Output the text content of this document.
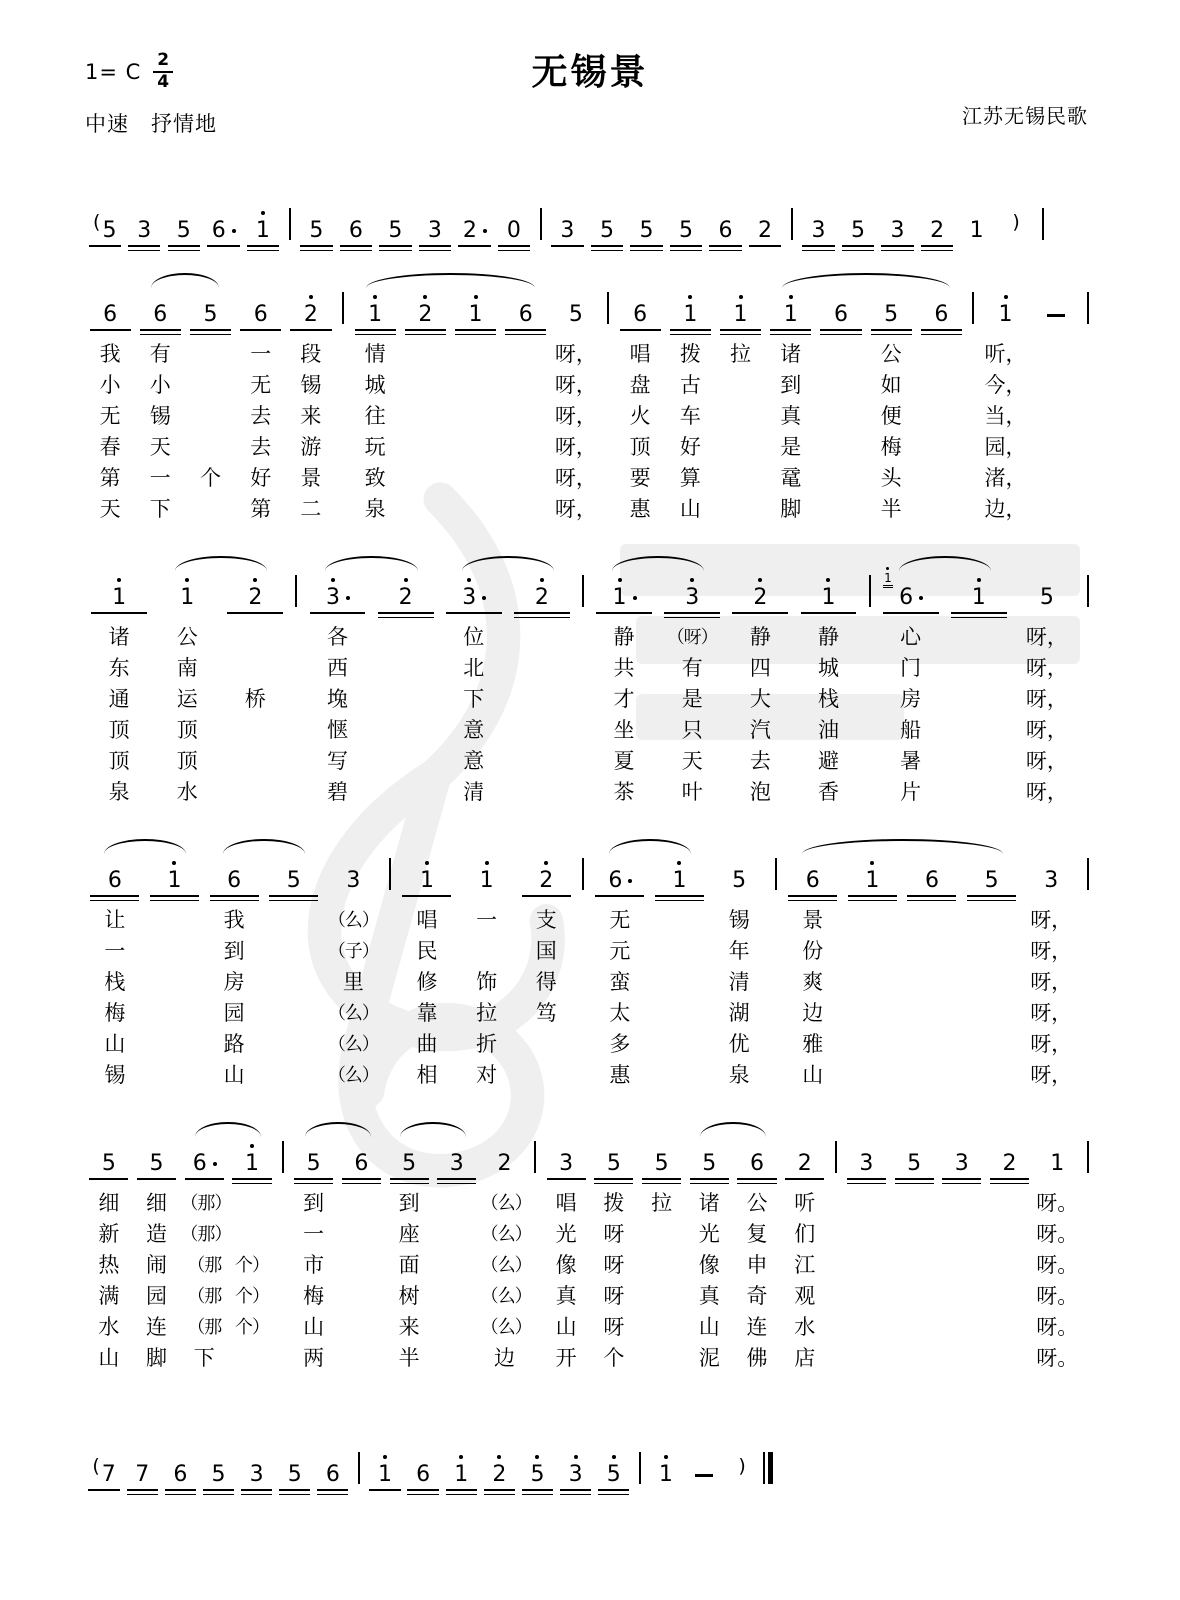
1= C $\frac{2}{4}$
中速 抒情地
无锡景
江苏无锡民歌
( 5 3 5 6 1 5 6 5 3 2 0 3 5 5 5 6 2 3 5 3 2 1 )
6
我
小
无
春
第
天
6
有
小
锡
天
一
下
5
个
6
一
无
去
去
好
第
2
段
锡
来
游
景
二
1
情
城
往
玩
致
泉
2 1 6 5
呀，
呀，
呀，
呀，
呀，
呀，
6
唱
盘
火
顶
要
惠
1
拨
古
车
好
算
山
1
拉
1
诸
到
真
是
鼋
脚
6 5
公
如
便
梅
头
半
6 1
听，
今，
当，
园，
渚，
边，
1
诸
东
通
顶
顶
泉
1
公
南
运
顶
顶
水
2
桥
3
各
西
堍
惬
写
碧
2 3
位
北
下
意
意
清
2	1
静
共
才
坐
夏
茶
3
（呀）
有
是
只
天
叶
2
静
四
大
汽
去
泡
1
静
城
栈
油
避
香
1
6
心
门
房
船
暑
片
1 5
呀，
呀，
呀，
呀，
呀，
呀，
6
让
一
栈
梅
山
锡
1 6
我
到
房
园
路
山
5 3
（么）
（子）
里
（么）
（么）
（么）
1
唱
民
修
靠
曲
相
1
一
饰
拉
折
对
2
支
国
得
笃
6
无
元
蛮
太
多
惠
1 5
锡
年
清
湖
优
泉
6
景
份
爽
边
雅
山
1 6 5 3
呀，
呀，
呀，
呀，
呀，
呀，
5
细
新
热
满
水
山
5
细
造
闹
园
连
脚
6
（那）
（那）
（那
（那
（那
下
1
个）
个）
个）
5
到
一
市
梅
山
两
6 5
到
座
面
树
来
半
3 2
（么）
（么）
（么）
（么）
（么）
边
3
唱
光
像
真
山
开
5
拨
呀
呀
呀
呀
个
5
拉
5
诸
光
像
真
山
泥
6
公
复
申
奇
连
佛
2
听
们
江
观
水
店
3 5 3 2 1
呀。
呀。
呀。
呀。
呀。
呀。
( 7 7 6 5 3 5 6 1 6 1 2 5 3 5 1	)
